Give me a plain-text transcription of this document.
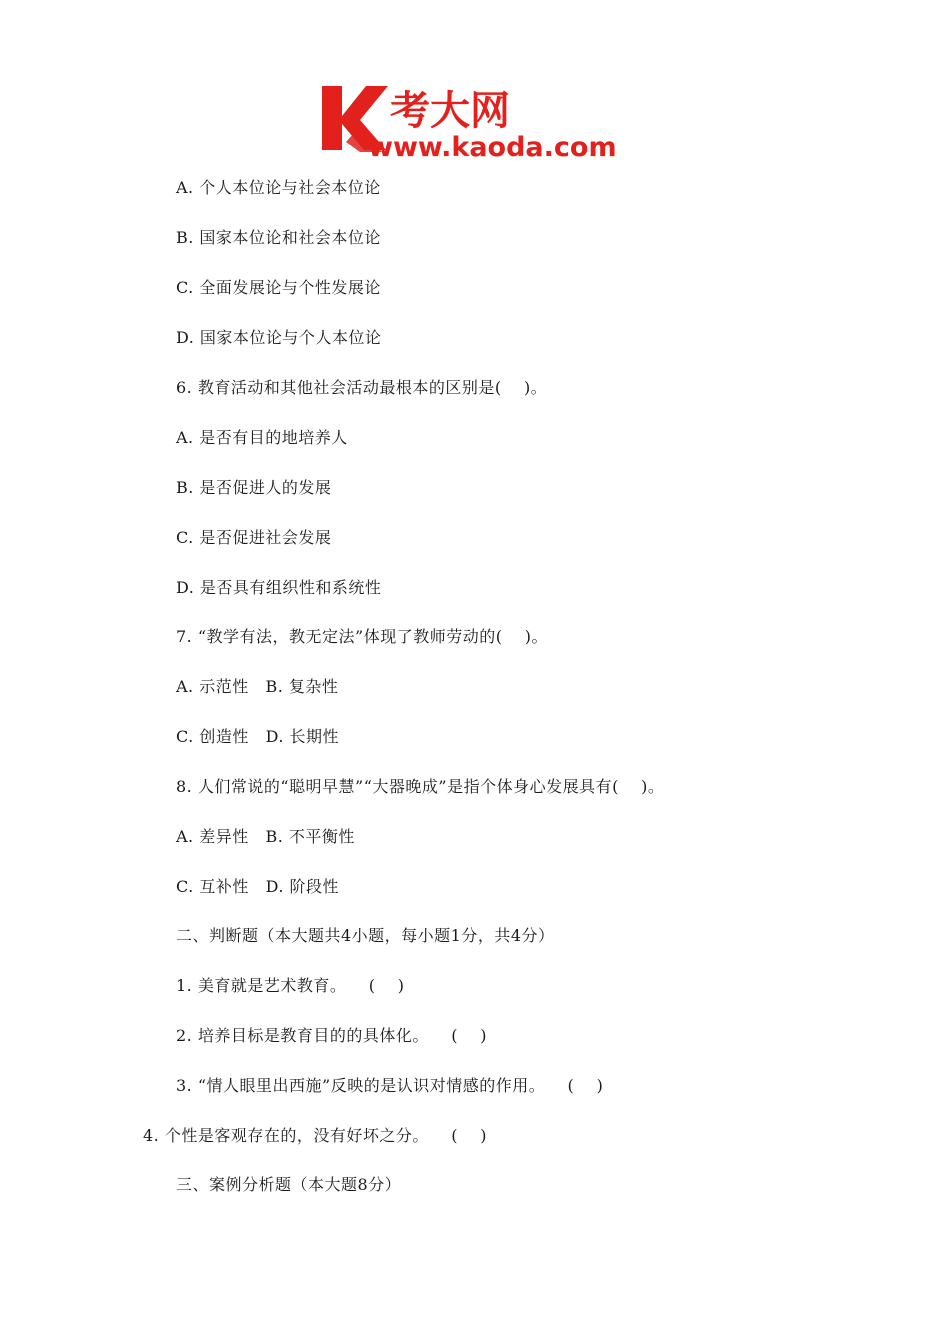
考大网
www.kaoda.com
A. 个人本位论与社会本位论
B. 国家本位论和社会本位论
C. 全面发展论与个性发展论
D. 国家本位论与个人本位论
6. 教育活动和其他社会活动最根本的区别是(    )。
A. 是否有目的地培养人
B. 是否促进人的发展
C. 是否促进社会发展
D. 是否具有组织性和系统性
7. “教学有法，教无定法”体现了教师劳动的(    )。
A. 示范性   B. 复杂性
C. 创造性   D. 长期性
8. 人们常说的“聪明早慧”“大器晚成”是指个体身心发展具有(    )。
A. 差异性   B. 不平衡性
C. 互补性   D. 阶段性
二、判断题（本大题共4小题，每小题1分，共4分）
1. 美育就是艺术教育。    (    )
2. 培养目标是教育目的的具体化。    (    )
3. “情人眼里出西施”反映的是认识对情感的作用。    (    )
4. 个性是客观存在的，没有好坏之分。    (    )
三、案例分析题（本大题8分）
